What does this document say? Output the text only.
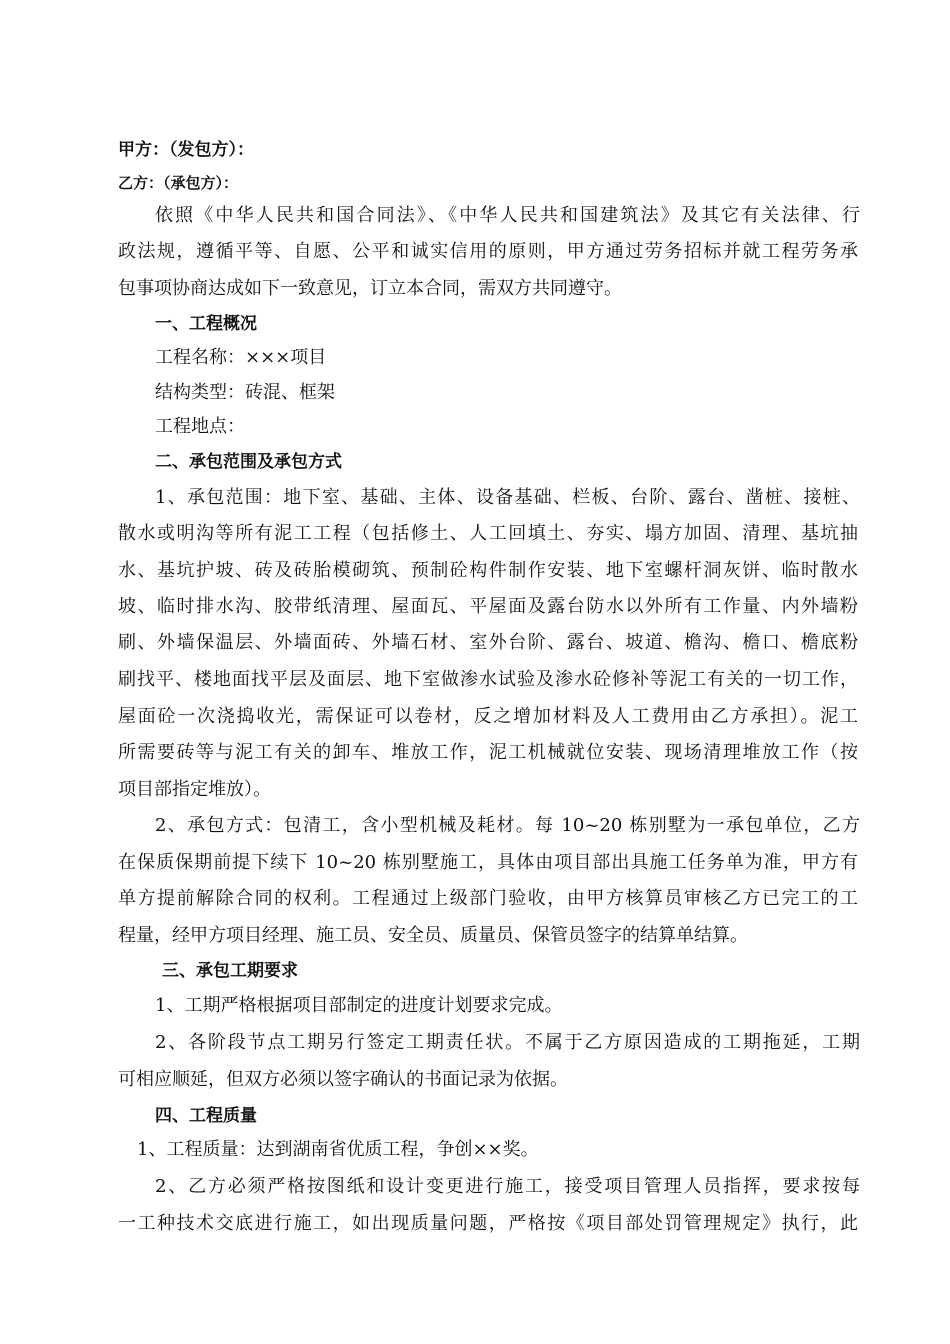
甲方：（发包方）：
乙方：（承包方）：
依照《中华人民共和国合同法》、《中华人民共和国建筑法》及其它有关法律、行
政法规，遵循平等、自愿、公平和诚实信用的原则，甲方通过劳务招标并就工程劳务承
包事项协商达成如下一致意见，订立本合同，需双方共同遵守。
一、工程概况
工程名称：×××项目
结构类型：砖混、框架
工程地点：
二、承包范围及承包方式
1、承包范围：地下室、基础、主体、设备基础、栏板、台阶、露台、凿桩、接桩、
散水或明沟等所有泥工工程（包括修土、人工回填土、夯实、塌方加固、清理、基坑抽
水、基坑护坡、砖及砖胎模砌筑、预制砼构件制作安装、地下室螺杆洞灰饼、临时散水
坡、临时排水沟、胶带纸清理、屋面瓦、平屋面及露台防水以外所有工作量、内外墙粉
刷、外墙保温层、外墙面砖、外墙石材、室外台阶、露台、坡道、檐沟、檐口、檐底粉
刷找平、楼地面找平层及面层、地下室做渗水试验及渗水砼修补等泥工有关的一切工作，
屋面砼一次浇捣收光，需保证可以卷材，反之增加材料及人工费用由乙方承担）。泥工
所需要砖等与泥工有关的卸车、堆放工作，泥工机械就位安装、现场清理堆放工作（按
项目部指定堆放）。
2、承包方式：包清工，含小型机械及耗材。每 10~20 栋别墅为一承包单位，乙方
在保质保期前提下续下 10~20 栋别墅施工，具体由项目部出具施工任务单为准，甲方有
单方提前解除合同的权利。工程通过上级部门验收，由甲方核算员审核乙方已完工的工
程量，经甲方项目经理、施工员、安全员、质量员、保管员签字的结算单结算。
三、承包工期要求
1、工期严格根据项目部制定的进度计划要求完成。
2、各阶段节点工期另行签定工期责任状。不属于乙方原因造成的工期拖延，工期
可相应顺延，但双方必须以签字确认的书面记录为依据。
四、工程质量
1、工程质量：达到湖南省优质工程，争创××奖。
2、乙方必须严格按图纸和设计变更进行施工，接受项目管理人员指挥，要求按每
一工种技术交底进行施工，如出现质量问题，严格按《项目部处罚管理规定》执行，此
